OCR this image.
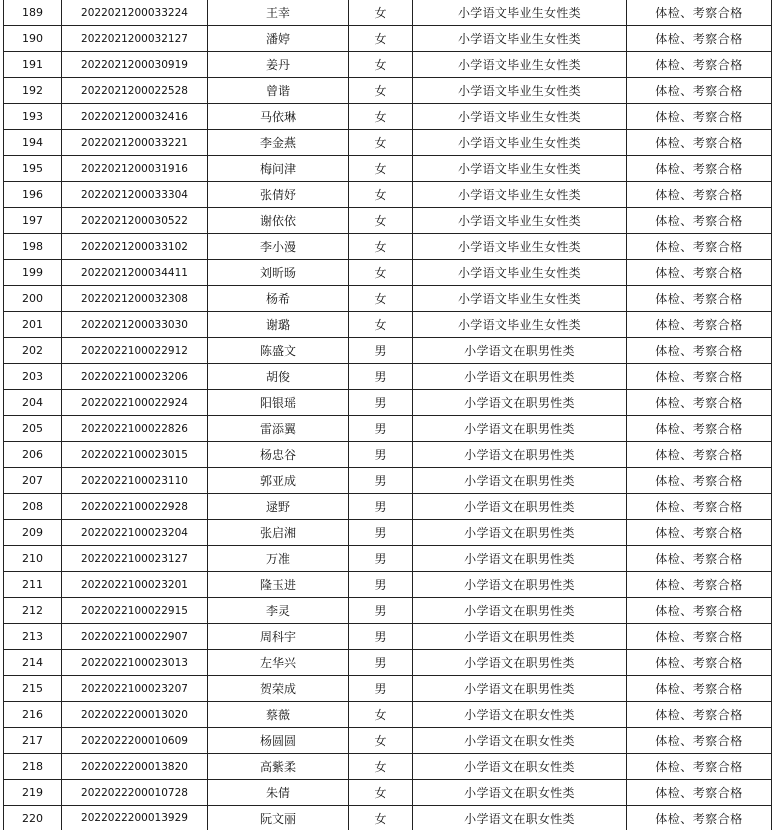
189	2022021200033224	王幸	女	小学语文毕业生女性类	体检、考察合格
190	2022021200032127	潘婷	女	小学语文毕业生女性类	体检、考察合格
191	2022021200030919	姜丹	女	小学语文毕业生女性类	体检、考察合格
192	2022021200022528	曾谐	女	小学语文毕业生女性类	体检、考察合格
193	2022021200032416	马依琳	女	小学语文毕业生女性类	体检、考察合格
194	2022021200033221	李金燕	女	小学语文毕业生女性类	体检、考察合格
195	2022021200031916	梅问津	女	小学语文毕业生女性类	体检、考察合格
196	2022021200033304	张倩妤	女	小学语文毕业生女性类	体检、考察合格
197	2022021200030522	谢依依	女	小学语文毕业生女性类	体检、考察合格
198	2022021200033102	李小漫	女	小学语文毕业生女性类	体检、考察合格
199	2022021200034411	刘昕旸	女	小学语文毕业生女性类	体检、考察合格
200	2022021200032308	杨希	女	小学语文毕业生女性类	体检、考察合格
201	2022021200033030	谢璐	女	小学语文毕业生女性类	体检、考察合格
202	2022022100022912	陈盛文	男	小学语文在职男性类	体检、考察合格
203	2022022100023206	胡俊	男	小学语文在职男性类	体检、考察合格
204	2022022100022924	阳银瑶	男	小学语文在职男性类	体检、考察合格
205	2022022100022826	雷添翼	男	小学语文在职男性类	体检、考察合格
206	2022022100023015	杨忠谷	男	小学语文在职男性类	体检、考察合格
207	2022022100023110	郭亚成	男	小学语文在职男性类	体检、考察合格
208	2022022100022928	逯野	男	小学语文在职男性类	体检、考察合格
209	2022022100023204	张启湘	男	小学语文在职男性类	体检、考察合格
210	2022022100023127	万准	男	小学语文在职男性类	体检、考察合格
211	2022022100023201	隆玉进	男	小学语文在职男性类	体检、考察合格
212	2022022100022915	李灵	男	小学语文在职男性类	体检、考察合格
213	2022022100022907	周科宇	男	小学语文在职男性类	体检、考察合格
214	2022022100023013	左华兴	男	小学语文在职男性类	体检、考察合格
215	2022022100023207	贺荣成	男	小学语文在职男性类	体检、考察合格
216	2022022200013020	蔡薇	女	小学语文在职女性类	体检、考察合格
217	2022022200010609	杨圆圆	女	小学语文在职女性类	体检、考察合格
218	2022022200013820	高紫柔	女	小学语文在职女性类	体检、考察合格
219	2022022200010728	朱倩	女	小学语文在职女性类	体检、考察合格
220	2022022200013929	阮文丽	女	小学语文在职女性类	体检、考察合格
